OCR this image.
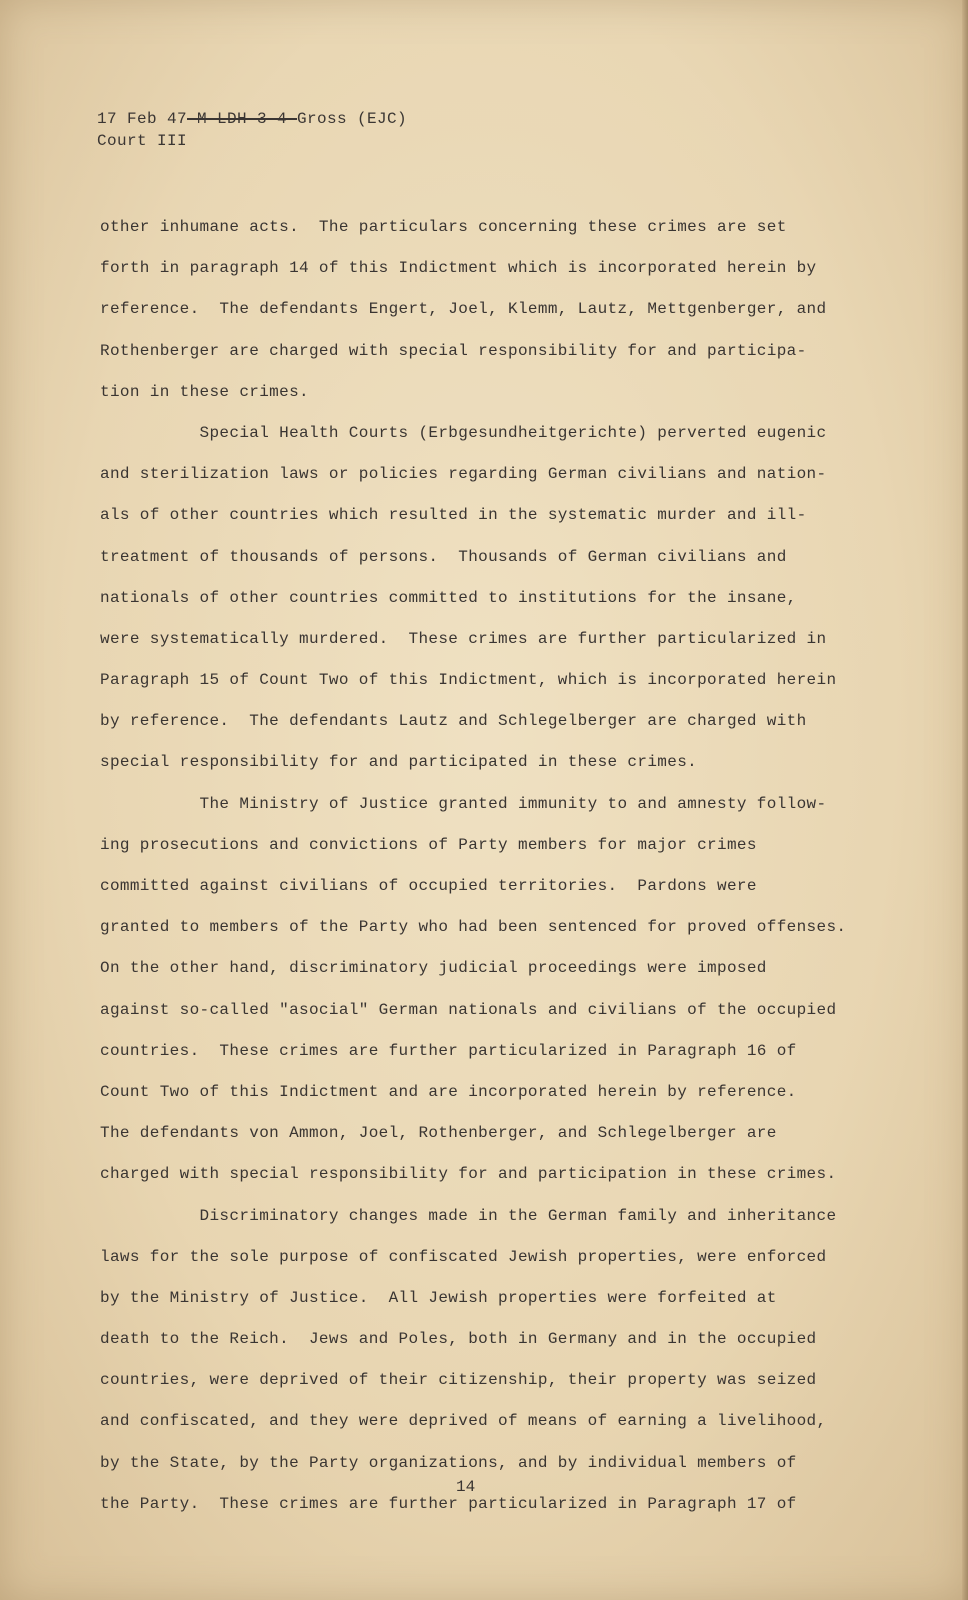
17 Feb 47-M-LDH-3-4-Gross (EJC)
Court III
other inhumane acts.  The particulars concerning these crimes are set
forth in paragraph 14 of this Indictment which is incorporated herein by
reference.  The defendants Engert, Joel, Klemm, Lautz, Mettgenberger, and
Rothenberger are charged with special responsibility for and participa-
tion in these crimes.
Special Health Courts (Erbgesundheitgerichte) perverted eugenic
and sterilization laws or policies regarding German civilians and nation-
als of other countries which resulted in the systematic murder and ill-
treatment of thousands of persons.  Thousands of German civilians and
nationals of other countries committed to institutions for the insane,
were systematically murdered.  These crimes are further particularized in
Paragraph 15 of Count Two of this Indictment, which is incorporated herein
by reference.  The defendants Lautz and Schlegelberger are charged with
special responsibility for and participated in these crimes.
The Ministry of Justice granted immunity to and amnesty follow-
ing prosecutions and convictions of Party members for major crimes
committed against civilians of occupied territories.  Pardons were
granted to members of the Party who had been sentenced for proved offenses.
On the other hand, discriminatory judicial proceedings were imposed
against so-called "asocial" German nationals and civilians of the occupied
countries.  These crimes are further particularized in Paragraph 16 of
Count Two of this Indictment and are incorporated herein by reference.
The defendants von Ammon, Joel, Rothenberger, and Schlegelberger are
charged with special responsibility for and participation in these crimes.
Discriminatory changes made in the German family and inheritance
laws for the sole purpose of confiscated Jewish properties, were enforced
by the Ministry of Justice.  All Jewish properties were forfeited at
death to the Reich.  Jews and Poles, both in Germany and in the occupied
countries, were deprived of their citizenship, their property was seized
and confiscated, and they were deprived of means of earning a livelihood,
by the State, by the Party organizations, and by individual members of
the Party.  These crimes are further particularized in Paragraph 17 of
14
